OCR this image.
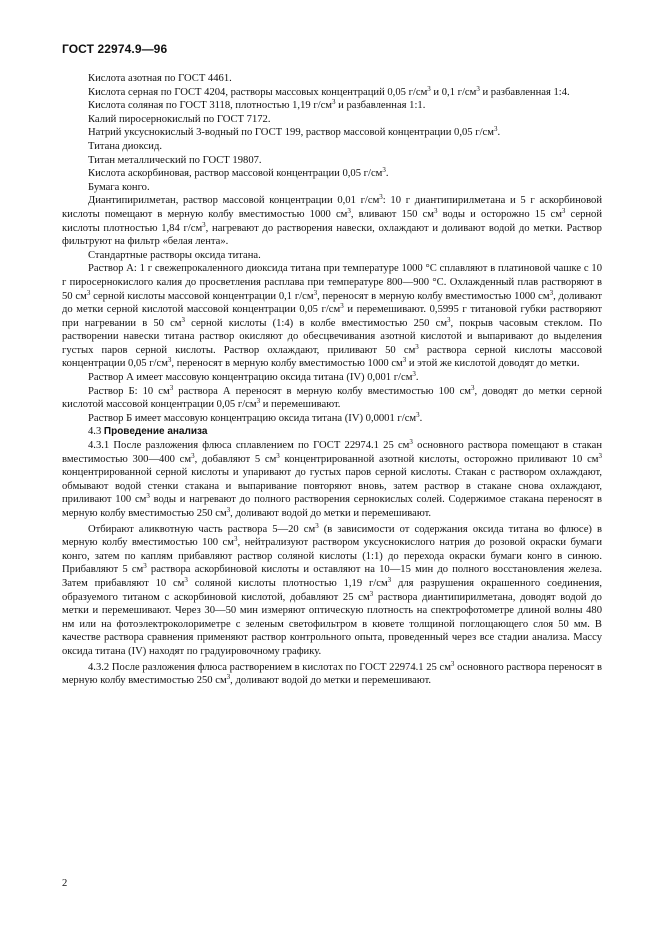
ГОСТ 22974.9—96

Кислота азотная по ГОСТ 4461.

Кислота серная по ГОСТ 4204, растворы массовых концентраций 0,05 $г/см^3$ и 0,1 $г/см^3$ и разбавленная 1:4.

Кислота соляная по ГОСТ 3118, плотностью 1,19 $г/см^3$ и разбавленная 1:1.

Калий пиросернокислый по ГОСТ 7172.

Натрий уксуснокислый 3-водный по ГОСТ 199, раствор массовой концентрации 0,05 $г/см^3$.

Титана диоксид.

Титан металлический по ГОСТ 19807.

Кислота аскорбиновая, раствор массовой концентрации 0,05 $г/см^3$.

Бумага конго.

Диантипирилметан, раствор массовой концентрации 0,01 $г/см^3$: 10 г диантипирилметана и 5 г аскорбиновой кислоты помещают в мерную колбу вместимостью 1000 $см^3$, вливают 150 $см^3$ воды и осторожно 15 $см^3$ серной кислоты плотностью 1,84 $г/см^3$, нагревают до растворения навески, охлаждают и доливают водой до метки. Раствор фильтруют на фильтр «белая лента».

Стандартные растворы оксида титана.

Раствор А: 1 г свежепрокаленного диоксида титана при температуре 1000 °С сплавляют в платиновой чашке с 10 г пиросернокислого калия до просветления расплава при температуре 800—900 °С. Охлажденный плав растворяют в 50 $см^3$ серной кислоты массовой концентрации 0,1 $г/см^3$, переносят в мерную колбу вместимостью 1000 $см^3$, доливают до метки серной кислотой массовой концентрации 0,05 $г/см^3$ и перемешивают. 0,5995 г титановой губки растворяют при нагревании в 50 $см^3$ серной кислоты (1:4) в колбе вместимостью 250 $см^3$, покрыв часовым стеклом. По растворении навески титана раствор окисляют до обесцвечивания азотной кислотой и выпаривают до выделения густых паров серной кислоты. Раствор охлаждают, приливают 50 $см^3$ раствора серной кислоты массовой концентрации 0,05 $г/см^3$, переносят в мерную колбу вместимостью 1000 $см^3$ и этой же кислотой доводят до метки.

Раствор А имеет массовую концентрацию оксида титана (IV) 0,001 $г/см^3$.

Раствор Б: 10 $см^3$ раствора А переносят в мерную колбу вместимостью 100 $см^3$, доводят до метки серной кислотой массовой концентрации 0,05 $г/см^3$ и перемешивают.

Раствор Б имеет массовую концентрацию оксида титана (IV) 0,0001 $г/см^3$.

4.3 Проведение анализа

4.3.1 После разложения флюса сплавлением по ГОСТ 22974.1 25 $см^3$ основного раствора помещают в стакан вместимостью 300—400 $см^3$, добавляют 5 $см^3$ концентрированной азотной кислоты, осторожно приливают 10 $см^3$ концентрированной серной кислоты и упаривают до густых паров серной кислоты. Стакан с раствором охлаждают, обмывают водой стенки стакана и выпаривание повторяют вновь, затем раствор в стакане снова охлаждают, приливают 100 $см^3$ воды и нагревают до полного растворения сернокислых солей. Содержимое стакана переносят в мерную колбу вместимостью 250 $см^3$, доливают водой до метки и перемешивают.

Отбирают аликвотную часть раствора 5—20 $см^3$ (в зависимости от содержания оксида титана во флюсе) в мерную колбу вместимостью 100 $см^3$, нейтрализуют раствором уксуснокислого натрия до розовой окраски бумаги конго, затем по каплям прибавляют раствор соляной кислоты (1:1) до перехода окраски бумаги конго в синюю. Прибавляют 5 $см^3$ раствора аскорбиновой кислоты и оставляют на 10—15 мин до полного восстановления железа. Затем прибавляют 10 $см^3$ соляной кислоты плотностью 1,19 $г/см^3$ для разрушения окрашенного соединения, образуемого титаном с аскорбиновой кислотой, добавляют 25 $см^3$ раствора диантипирилметана, доводят водой до метки и перемешивают. Через 30—50 мин измеряют оптическую плотность на спектрофотометре длиной волны 480 нм или на фотоэлектроколориметре с зеленым светофильтром в кювете толщиной поглощающего слоя 50 мм. В качестве раствора сравнения применяют раствор контрольного опыта, проведенный через все стадии анализа. Массу оксида титана (IV) находят по градуировочному графику.

4.3.2 После разложения флюса растворением в кислотах по ГОСТ 22974.1 25 $см^3$ основного раствора переносят в мерную колбу вместимостью 250 $см^3$, доливают водой до метки и перемешивают.

2
